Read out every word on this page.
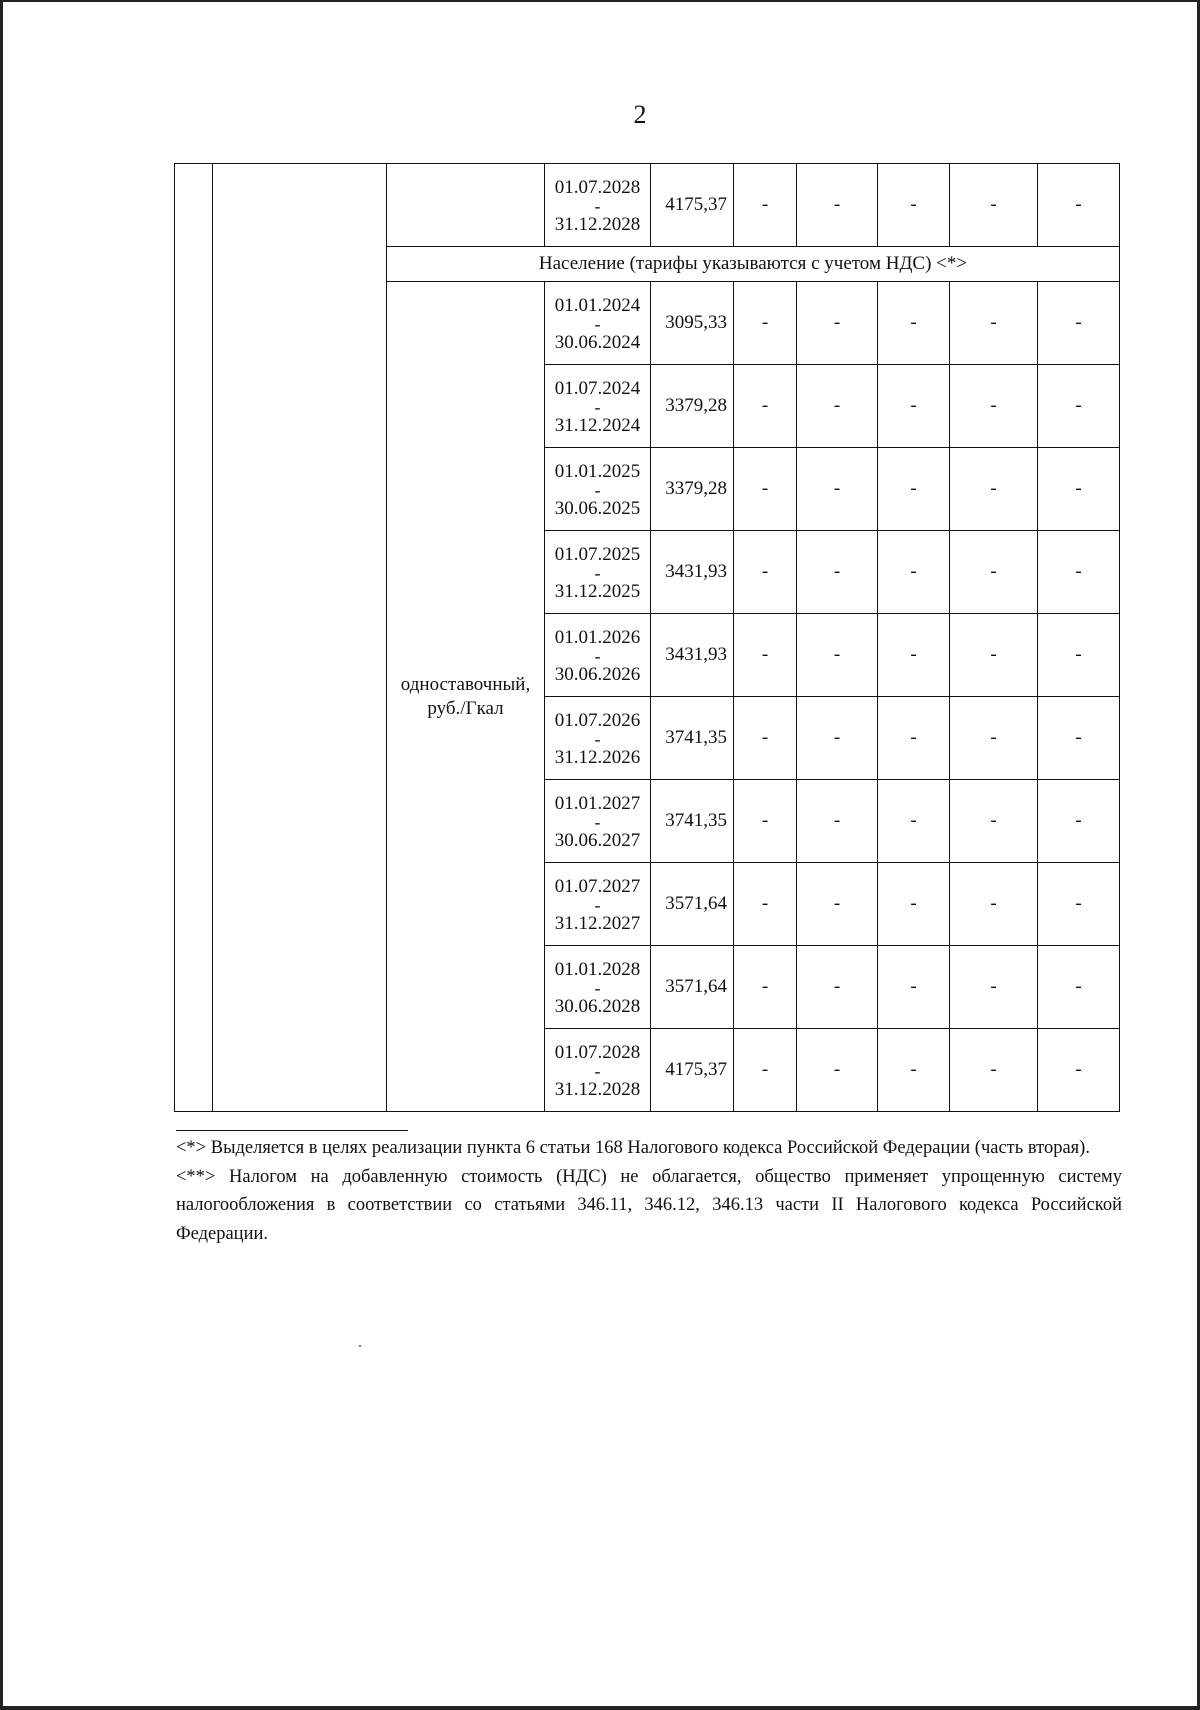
2

			01.07.2028
-
31.12.2028	4175,37	-	-	-	-	-
		Население (тарифы указываются с учетом НДС) <*>							
		одноставочный, руб./Гкал	01.01.2024
-
30.06.2024	3095,33	-	-	-	-	-

			01.07.2024
-
31.12.2024	3379,28	-	-	-	-	-

			01.01.2025
-
30.06.2025	3379,28	-	-	-	-	-

			01.07.2025
-
31.12.2025	3431,93	-	-	-	-	-

			01.01.2026
-
30.06.2026	3431,93	-	-	-	-	-

			01.07.2026
-
31.12.2026	3741,35	-	-	-	-	-

			01.01.2027
-
30.06.2027	3741,35	-	-	-	-	-

			01.07.2027
-
31.12.2027	3571,64	-	-	-	-	-

			01.01.2028
-
30.06.2028	3571,64	-	-	-	-	-

			01.07.2028
-
31.12.2028	4175,37	-	-	-	-	-

<*> Выделяется в целях реализации пункта 6 статьи 168 Налогового кодекса Российской Федерации (часть вторая).

<**> Налогом на добавленную стоимость (НДС) не облагается, общество применяет упрощенную систему налогообложения в соответствии со статьями 346.11, 346.12, 346.13 части II Налогового кодекса Российской Федерации.
